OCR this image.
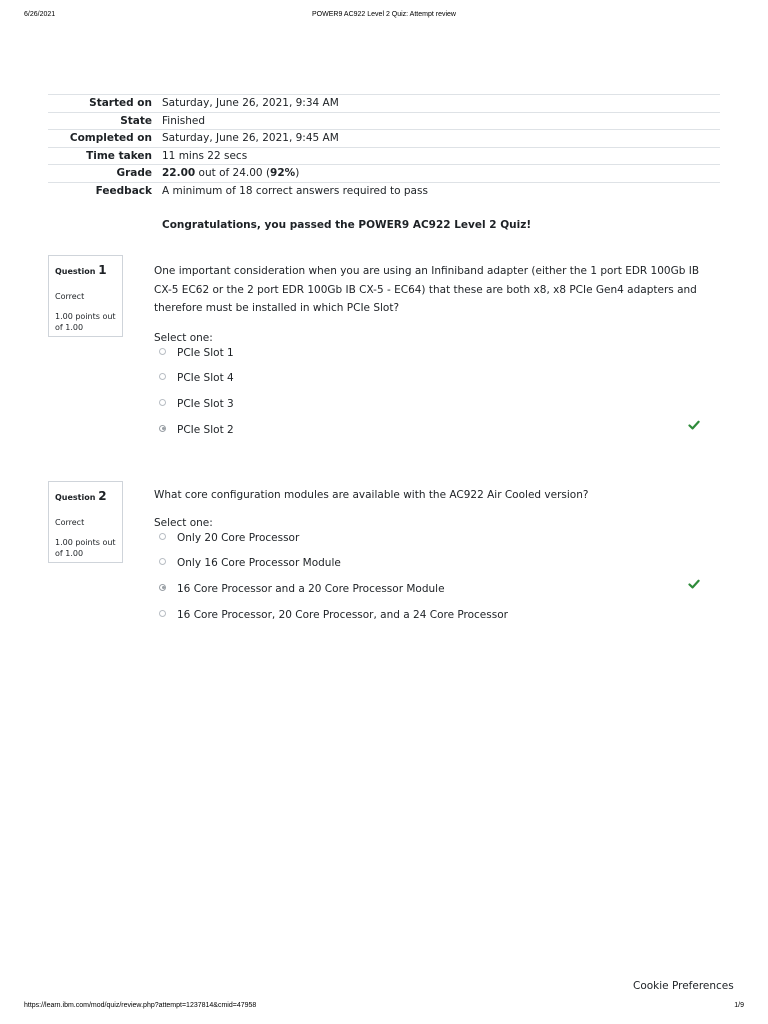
6/26/2021	POWER9 AC922 Level 2 Quiz: Attempt review
Started on	Saturday, June 26, 2021, 9:34 AM
State	Finished
Completed on	Saturday, June 26, 2021, 9:45 AM
Time taken	11 mins 22 secs
Grade	22.00 out of 24.00 (92%)
Feedback	A minimum of 18 correct answers required to pass
	Congratulations, you passed the POWER9 AC922 Level 2 Quiz!
Question 1
Correct
1.00 points out of 1.00

One important consideration when you are using an Infiniband adapter (either the 1 port EDR 100Gb IB CX-5 EC62 or the 2 port EDR 100Gb IB CX-5 - EC64) that these are both x8, x8 PCIe Gen4 adapters and therefore must be installed in which PCIe Slot?

Select one:
PCIe Slot 1
PCIe Slot 4
PCIe Slot 3
PCIe Slot 2
Question 2
Correct
1.00 points out of 1.00

What core configuration modules are available with the AC922 Air Cooled version?

Select one:
Only 20 Core Processor
Only 16 Core Processor Module
16 Core Processor and a 20 Core Processor Module
16 Core Processor, 20 Core Processor, and a 24 Core Processor
Cookie Preferences
https://learn.ibm.com/mod/quiz/review.php?attempt=1237814&cmid=47958	1/9
